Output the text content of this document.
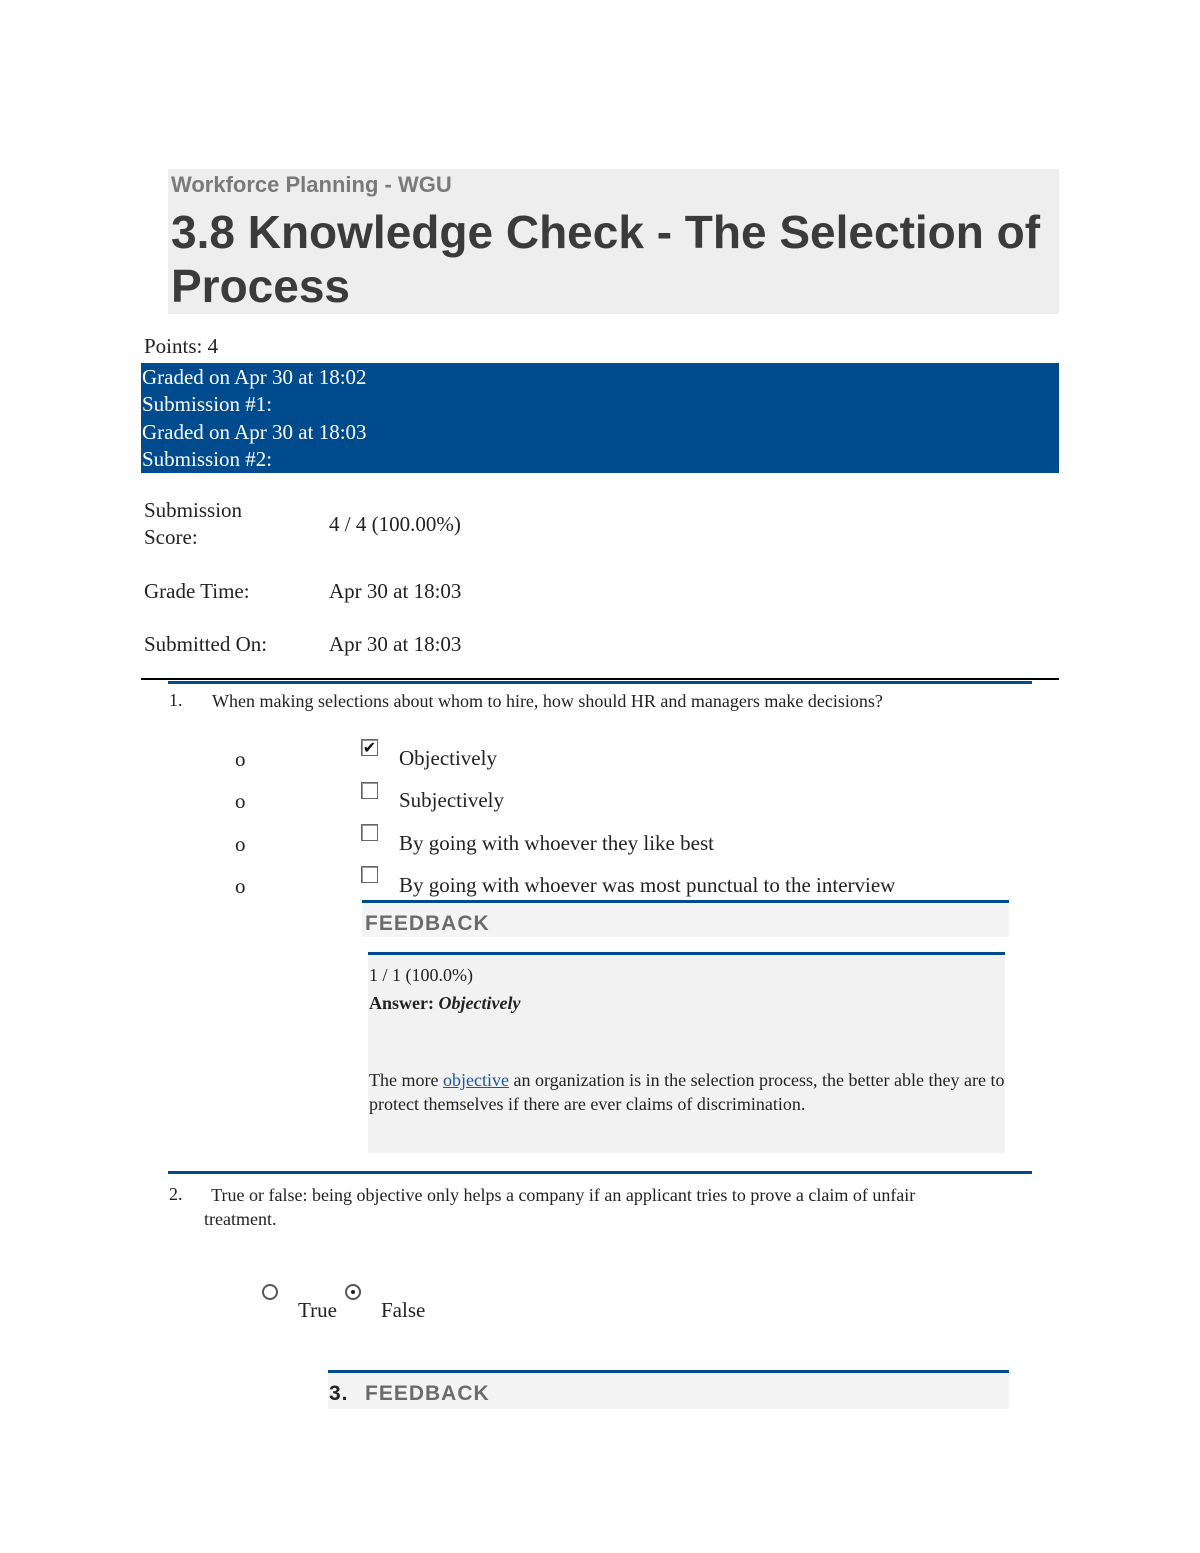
Workforce Planning - WGU
3.8 Knowledge Check - The Selection of Process
Points: 4
Graded on Apr 30 at 18:02
Submission #1:
Graded on Apr 30 at 18:03
Submission #2:
Submission
Score:
4 / 4 (100.00%)
Grade Time:	Apr 30 at 18:03
Submitted On:	Apr 30 at 18:03
1. When making selections about whom to hire, how should HR and managers make decisions?
o	✔ Objectively
o	Subjectively
o	By going with whoever they like best
o	By going with whoever was most punctual to the interview
FEEDBACK
1 / 1 (100.0%)
Answer: Objectively
The more objective an organization is in the selection process, the better able they are to protect themselves if there are ever claims of discrimination.
2. True or false: being objective only helps a company if an applicant tries to prove a claim of unfair
treatment.
True False
3. FEEDBACK
